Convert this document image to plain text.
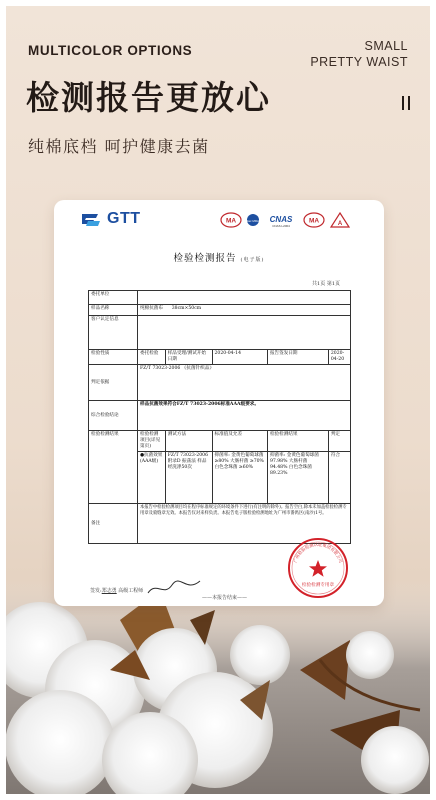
MULTICOLOR OPTIONS	SMALL
PRETTY WAIST
检测报告更放心
纯棉底档 呵护健康去菌
GTT	MA	ilac MRA CNAS
CNAS L2064
MA	A
检验检测报告 (电子版)
共1页 第1页
委托单位					
样品名称	纯棉抗菌布 38cm×50cm				
客户认定信息					
检验性质	委托检验	样品受理/测试开始日期	2020-04-14	报告签发日期	2020-04-20
判定依据	FZ/T 73023-2006 《抗菌针织品》				
综合检验结论	样品抗菌效果符合FZ/T 73023-2006标准AAA级要求。				
检验检测结果	检验检测项目(详见第页)	测试方法	标准值及允差	检验检测结果	判定
	●抗菌效果(AAA级)	FZ/T 73023-2006 附录D 振荡法 样品经洗涤50次	抑菌率: 金黄色葡萄球菌 ≥80% 大肠杆菌 ≥70% 白色念珠菌 ≥60%	抑菌率: 金黄色葡萄球菌 97.98% 大肠杆菌 94.48% 白色念珠菌 89.23%	符合
备注	本报告中检验检测项目均在程序标准规定的环境条件下进行(有注明的除外)。报告空白,除本未加盖检验检测专用章及骑缝章无效。本报告仅对来样负责。本报告电子版检验检测地址为广州市番禺区(南沙)1号。				
签发:郑志勇 高级工程师
——本报告结束——
广州检验检测认证集团有限公司
检验检测专用章
